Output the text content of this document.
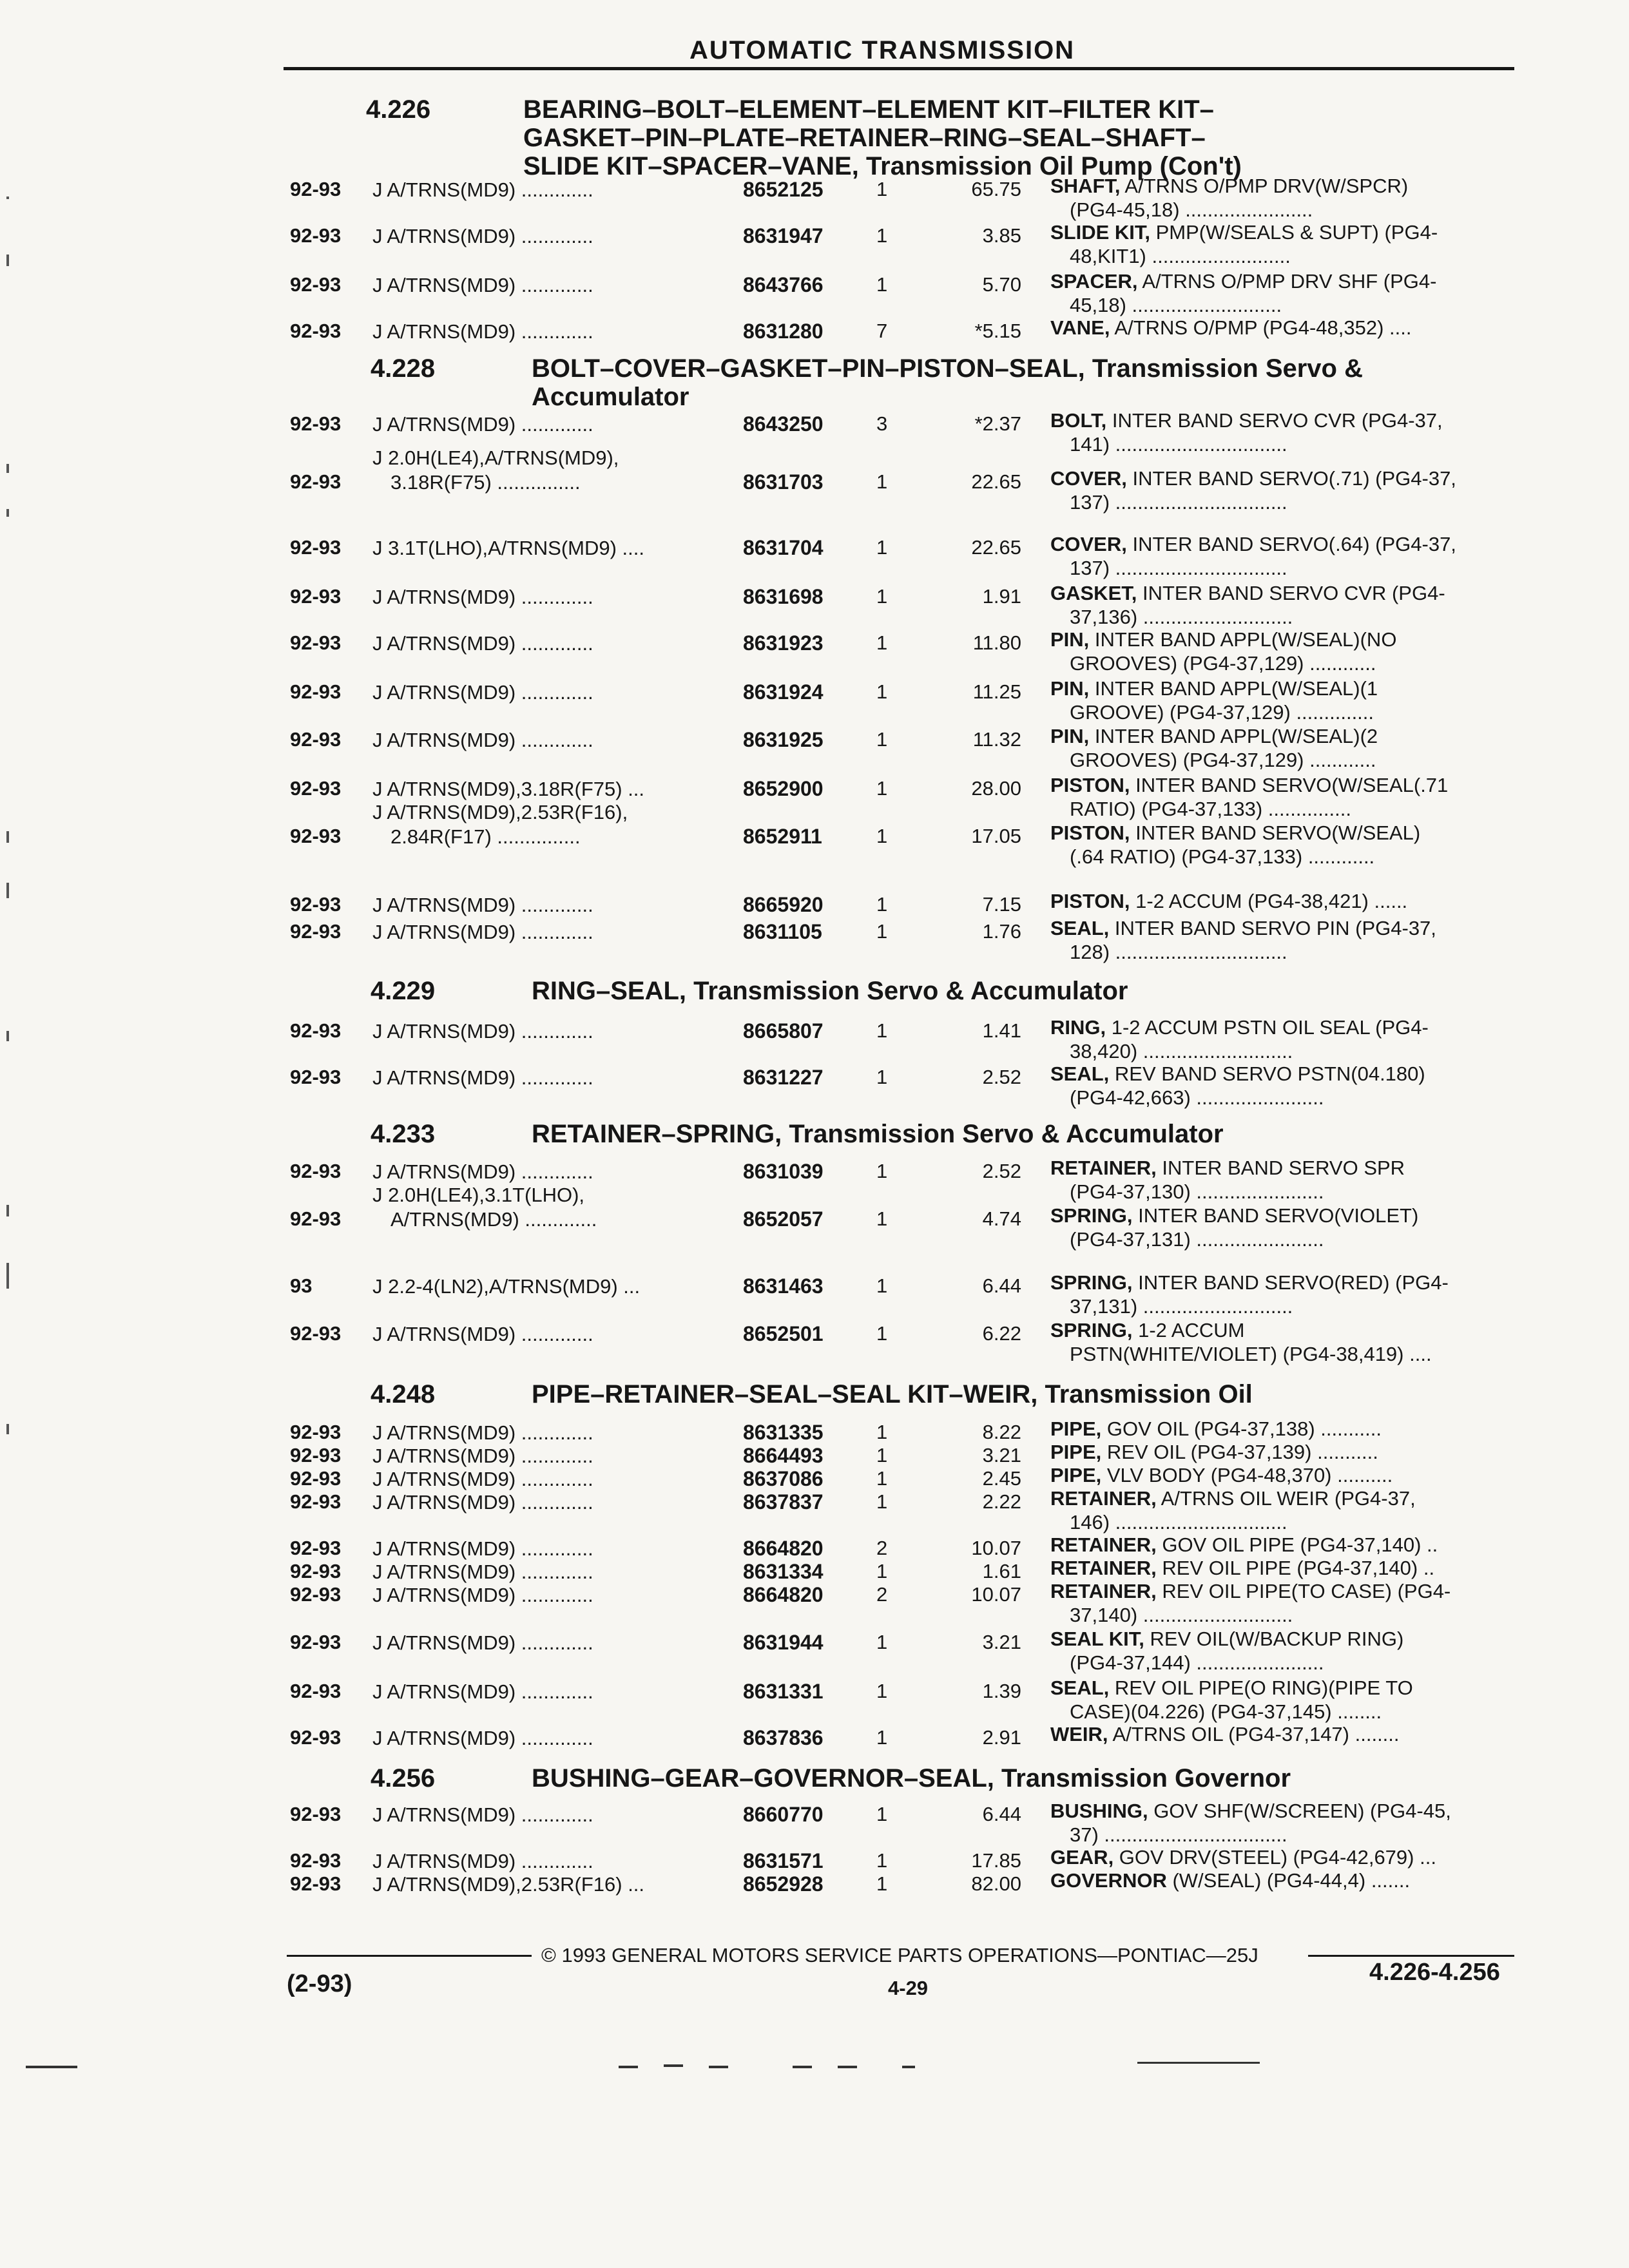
AUTOMATIC TRANSMISSION
4.226	BEARING–BOLT–ELEMENT–ELEMENT KIT–FILTER KIT–
GASKET–PIN–PLATE–RETAINER–RING–SEAL–SHAFT–
SLIDE KIT–SPACER–VANE, Transmission Oil Pump (Con't)
92-93 J A/TRNS(MD9) .............	8652125	1	65.75 SHAFT, A/TRNS O/PMP DRV(W/SPCR)
(PG4-45,18) .......................
92-93 J A/TRNS(MD9) .............	8631947	1	3.85 SLIDE KIT, PMP(W/SEALS & SUPT) (PG4-
48,KIT1) .........................
92-93 J A/TRNS(MD9) .............	8643766	1	5.70 SPACER, A/TRNS O/PMP DRV SHF (PG4-
45,18) ...........................
92-93 J A/TRNS(MD9) .............	8631280	7	*5.15 VANE, A/TRNS O/PMP (PG4-48,352) ....
4.228	BOLT–COVER–GASKET–PIN–PISTON–SEAL, Transmission Servo &
Accumulator
92-93 J A/TRNS(MD9) .............	8643250	3	*2.37 BOLT, INTER BAND SERVO CVR (PG4-37,
141) ...............................
92-93
J 2.0H(LE4),A/TRNS(MD9),
3.18R(F75) ...............	8631703	1	22.65 COVER, INTER BAND SERVO(.71) (PG4-37,
137) ...............................
92-93 J 3.1T(LHO),A/TRNS(MD9) ....	8631704	1	22.65 COVER, INTER BAND SERVO(.64) (PG4-37,
137) ...............................
92-93 J A/TRNS(MD9) .............	8631698	1	1.91 GASKET, INTER BAND SERVO CVR (PG4-
37,136) ...........................
92-93 J A/TRNS(MD9) .............	8631923	1	11.80 PIN, INTER BAND APPL(W/SEAL)(NO
GROOVES) (PG4-37,129) ............
92-93 J A/TRNS(MD9) .............	8631924	1	11.25 PIN, INTER BAND APPL(W/SEAL)(1
GROOVE) (PG4-37,129) ..............
92-93 J A/TRNS(MD9) .............	8631925	1	11.32 PIN, INTER BAND APPL(W/SEAL)(2
GROOVES) (PG4-37,129) ............
92-93 J A/TRNS(MD9),3.18R(F75) ...	8652900	1	28.00 PISTON, INTER BAND SERVO(W/SEAL(.71
RATIO) (PG4-37,133) ...............
92-93
J A/TRNS(MD9),2.53R(F16),
2.84R(F17) ...............	8652911	1	17.05 PISTON, INTER BAND SERVO(W/SEAL)
(.64 RATIO) (PG4-37,133) ............
92-93 J A/TRNS(MD9) .............	8665920	1	7.15 PISTON, 1-2 ACCUM (PG4-38,421) ......
92-93 J A/TRNS(MD9) .............	8631105	1	1.76 SEAL, INTER BAND SERVO PIN (PG4-37,
128) ...............................
4.229	RING–SEAL, Transmission Servo & Accumulator
92-93 J A/TRNS(MD9) .............	8665807	1	1.41 RING, 1-2 ACCUM PSTN OIL SEAL (PG4-
38,420) ...........................
92-93 J A/TRNS(MD9) .............	8631227	1	2.52 SEAL, REV BAND SERVO PSTN(04.180)
(PG4-42,663) .......................
4.233	RETAINER–SPRING, Transmission Servo & Accumulator
92-93 J A/TRNS(MD9) .............	8631039	1	2.52 RETAINER, INTER BAND SERVO SPR
(PG4-37,130) .......................
92-93
J 2.0H(LE4),3.1T(LHO),
A/TRNS(MD9) .............	8652057	1	4.74 SPRING, INTER BAND SERVO(VIOLET)
(PG4-37,131) .......................
93	J 2.2-4(LN2),A/TRNS(MD9) ...	8631463	1	6.44 SPRING, INTER BAND SERVO(RED) (PG4-
37,131) ...........................
92-93 J A/TRNS(MD9) .............	8652501	1	6.22 SPRING, 1-2 ACCUM
PSTN(WHITE/VIOLET) (PG4-38,419) ....
4.248	PIPE–RETAINER–SEAL–SEAL KIT–WEIR, Transmission Oil
92-93 J A/TRNS(MD9) .............	8631335	1	8.22 PIPE, GOV OIL (PG4-37,138) ...........
92-93 J A/TRNS(MD9) .............	8664493	1	3.21 PIPE, REV OIL (PG4-37,139) ...........
92-93 J A/TRNS(MD9) .............	8637086	1	2.45 PIPE, VLV BODY (PG4-48,370) ..........
92-93 J A/TRNS(MD9) .............	8637837	1	2.22 RETAINER, A/TRNS OIL WEIR (PG4-37,
146) ...............................
92-93 J A/TRNS(MD9) .............	8664820	2	10.07 RETAINER, GOV OIL PIPE (PG4-37,140) ..
92-93 J A/TRNS(MD9) .............	8631334	1	1.61 RETAINER, REV OIL PIPE (PG4-37,140) ..
92-93 J A/TRNS(MD9) .............	8664820	2	10.07 RETAINER, REV OIL PIPE(TO CASE) (PG4-
37,140) ...........................
92-93 J A/TRNS(MD9) .............	8631944	1	3.21 SEAL KIT, REV OIL(W/BACKUP RING)
(PG4-37,144) .......................
92-93 J A/TRNS(MD9) .............	8631331	1	1.39 SEAL, REV OIL PIPE(O RING)(PIPE TO
CASE)(04.226) (PG4-37,145) ........
92-93 J A/TRNS(MD9) .............	8637836	1	2.91 WEIR, A/TRNS OIL (PG4-37,147) ........
4.256	BUSHING–GEAR–GOVERNOR–SEAL, Transmission Governor
92-93 J A/TRNS(MD9) .............	8660770	1	6.44 BUSHING, GOV SHF(W/SCREEN) (PG4-45,
37) .................................
92-93 J A/TRNS(MD9) .............	8631571	1	17.85 GEAR, GOV DRV(STEEL) (PG4-42,679) ...
92-93 J A/TRNS(MD9),2.53R(F16) ...	8652928	1	82.00 GOVERNOR (W/SEAL) (PG4-44,4) .......
© 1993 GENERAL MOTORS SERVICE PARTS OPERATIONS—PONTIAC—25J
(2-93)	4-29
4.226-4.256
